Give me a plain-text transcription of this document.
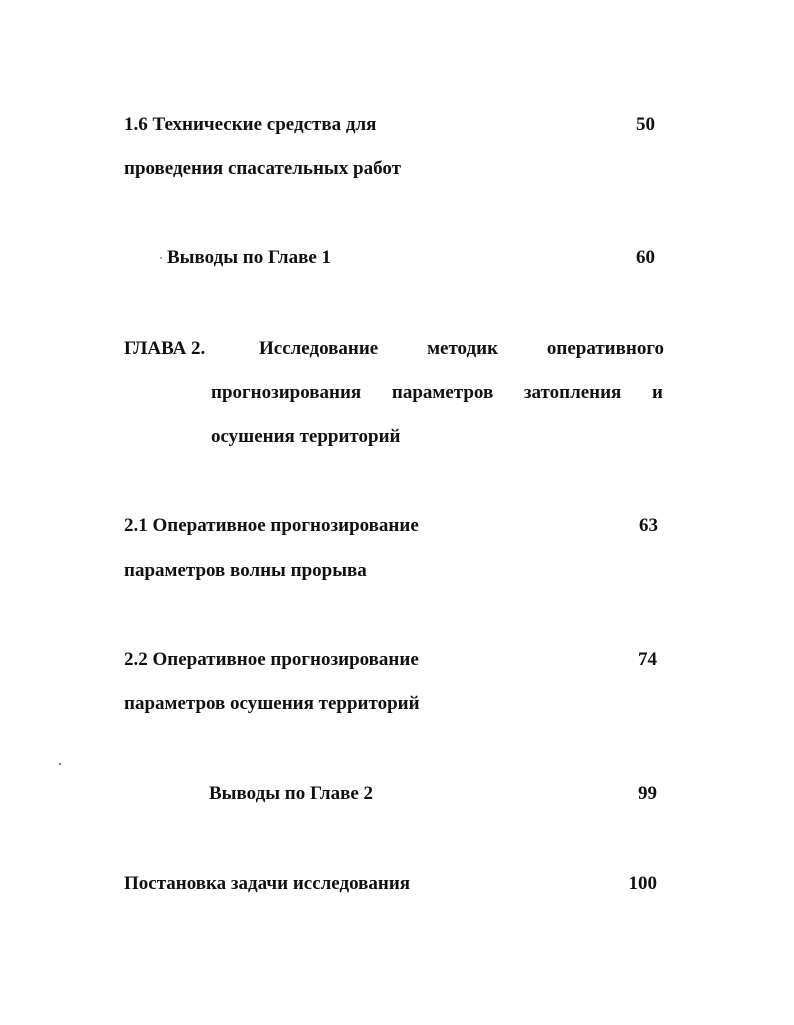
1.6 Технические средства для	50
проведения спасательных работ
Выводы по Главе 1	60
ГЛАВА 2.	Исследование	методик	оперативного
прогнозирования параметров затопления и
осушения территорий
2.1 Оперативное прогнозирование	63
параметров волны прорыва
2.2 Оперативное прогнозирование	74
параметров осушения территорий
Выводы по Главе 2	99
Постановка задачи исследования	100
